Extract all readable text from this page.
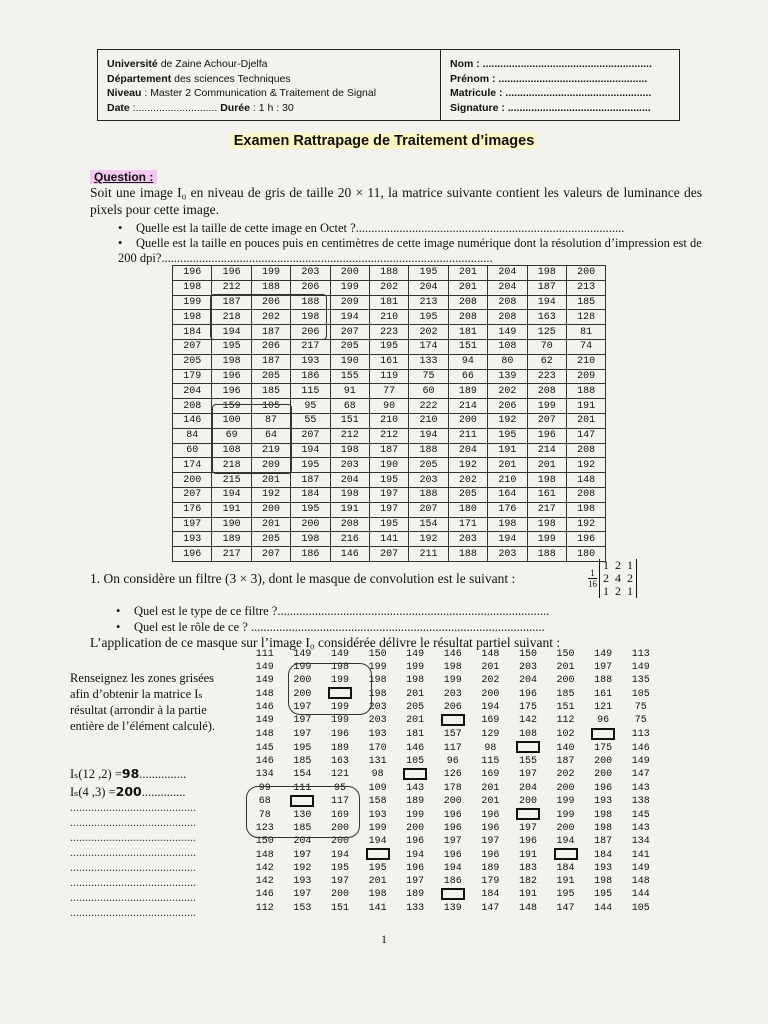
Université de Zaine Achour-Djelfa
Département des sciences Techniques
Niveau : Master 2 Communication & Traitement de Signal
Date :............................ Durée : 1 h : 30
Nom : ..........................................................
Prénom : ...................................................
Matricule : ..................................................
Signature : .................................................
Examen Rattrapage de Traitement d’images
Question :
Soit une image I₀ en niveau de gris de taille 20 × 11, la matrice suivante contient les valeurs de luminance des pixels pour cette image.
• Quelle est la taille de cette image en Octet ?......................................................................................
• Quelle est la taille en pouces puis en centimètres de cette image numérique dont la résolution d’impression est de 200 dpi?..........................................................................................................
196	196	199	203	200	188	195	201	204	198	200
198	212	188	206	199	202	204	201	204	187	213
199	187	206	188	209	181	213	208	208	194	185
198	218	202	198	194	210	195	208	208	163	128
184	194	187	206	207	223	202	181	149	125	81
207	195	206	217	205	195	174	151	108	70	74
205	198	187	193	190	161	133	94	80	62	210
179	196	205	186	155	119	75	66	139	223	209
204	196	185	115	91	77	60	189	202	208	188
208	159	105	95	68	90	222	214	206	199	191
146	100	87	55	151	210	210	200	192	207	201
84	69	64	207	212	212	194	211	195	196	147
60	108	219	194	198	187	188	204	191	214	208
174	218	209	195	203	190	205	192	201	201	192
200	215	201	187	204	195	203	202	210	198	148
207	194	192	184	198	197	188	205	164	161	208
176	191	200	195	191	197	207	180	176	217	198
197	190	201	200	208	195	154	171	198	198	192
193	189	205	198	216	141	192	203	194	199	196
196	217	207	186	146	207	211	188	203	188	180
1. On considère un filtre (3 × 3), dont le masque de convolution est le suivant :	1
16

1	2	1
2	4	2
1	2	1
• Quel est le type de ce filtre ?.......................................................................................
• Quel est le rôle de ce ? ..............................................................................................
L’application de ce masque sur l’image I₀ considérée délivre le résultat partiel suivant :
Renseignez les zones grisées afin d’obtenir la matrice Iₛ résultat (arrondir à la partie entière de l’élément calculé).
Iₛ(12 ,2) =98...............
Iₛ(4 ,3) =200..............
..........................................
..........................................
..........................................
..........................................
..........................................
..........................................
..........................................
..........................................
111	149	149	150	149	146	148	150	150	149	113
149	199	198	199	199	198	201	203	201	197	149
149	200	199	198	198	199	202	204	200	188	135
148	200		198	201	203	200	196	185	161	105
146	197	199	203	205	206	194	175	151	121	75
149	197	199	203	201		169	142	112	96	75
148	197	196	193	181	157	129	108	102		113
145	195	189	170	146	117	98		140	175	146
146	185	163	131	105	96	115	155	187	200	149
134	154	121	98		126	169	197	202	200	147
99	111	95	109	143	178	201	204	200	196	143
68		117	158	189	200	201	200	199	193	138
78	130	169	193	199	196	196		199	198	145
123	185	200	199	200	196	196	197	200	198	143
150	204	200	194	196	197	197	196	194	187	134
148	197	194		194	196	196	191		184	141
142	192	195	195	196	194	189	183	184	193	149
142	193	197	201	197	186	179	182	191	198	148
146	197	200	198	189		184	191	195	195	144
112	153	151	141	133	139	147	148	147	144	105
1
